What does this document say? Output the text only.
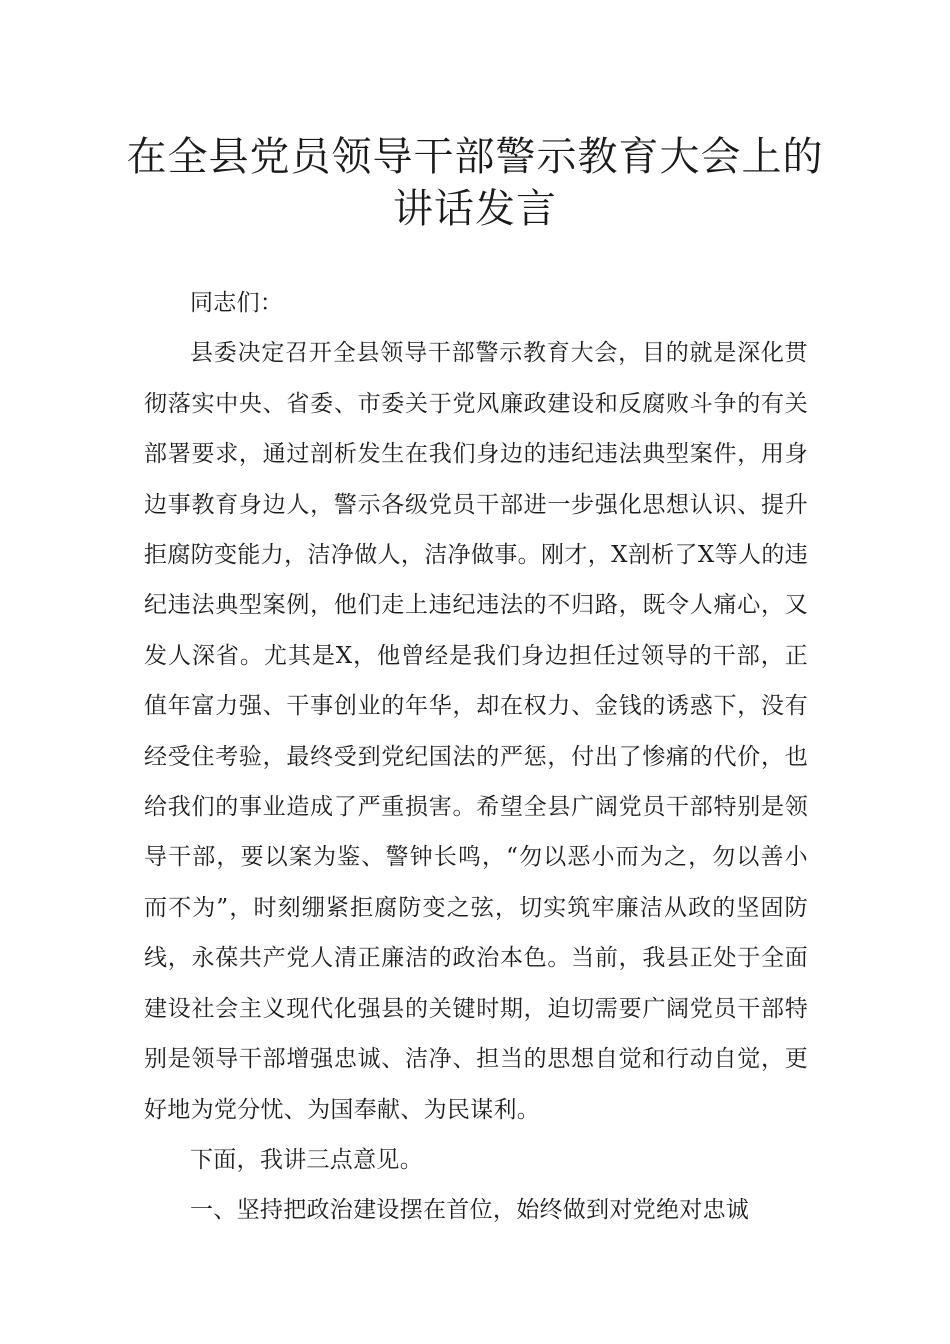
在全县党员领导干部警示教育大会上的
讲话发言

同志们：

县委决定召开全县领导干部警示教育大会，目的就是深化贯彻落实中央、省委、市委关于党风廉政建设和反腐败斗争的有关部署要求，通过剖析发生在我们身边的违纪违法典型案件，用身边事教育身边人，警示各级党员干部进一步强化思想认识、提升拒腐防变能力，洁净做人，洁净做事。刚才，X剖析了X等人的违纪违法典型案例，他们走上违纪违法的不归路，既令人痛心，又发人深省。尤其是X，他曾经是我们身边担任过领导的干部，正值年富力强、干事创业的年华，却在权力、金钱的诱惑下，没有经受住考验，最终受到党纪国法的严惩，付出了惨痛的代价，也给我们的事业造成了严重损害。希望全县广阔党员干部特别是领导干部，要以案为鉴、警钟长鸣，“勿以恶小而为之，勿以善小而不为”，时刻绷紧拒腐防变之弦，切实筑牢廉洁从政的坚固防线，永葆共产党人清正廉洁的政治本色。当前，我县正处于全面建设社会主义现代化强县的关键时期，迫切需要广阔党员干部特别是领导干部增强忠诚、洁净、担当的思想自觉和行动自觉，更好地为党分忧、为国奉献、为民谋利。

下面，我讲三点意见。

一、坚持把政治建设摆在首位，始终做到对党绝对忠诚
